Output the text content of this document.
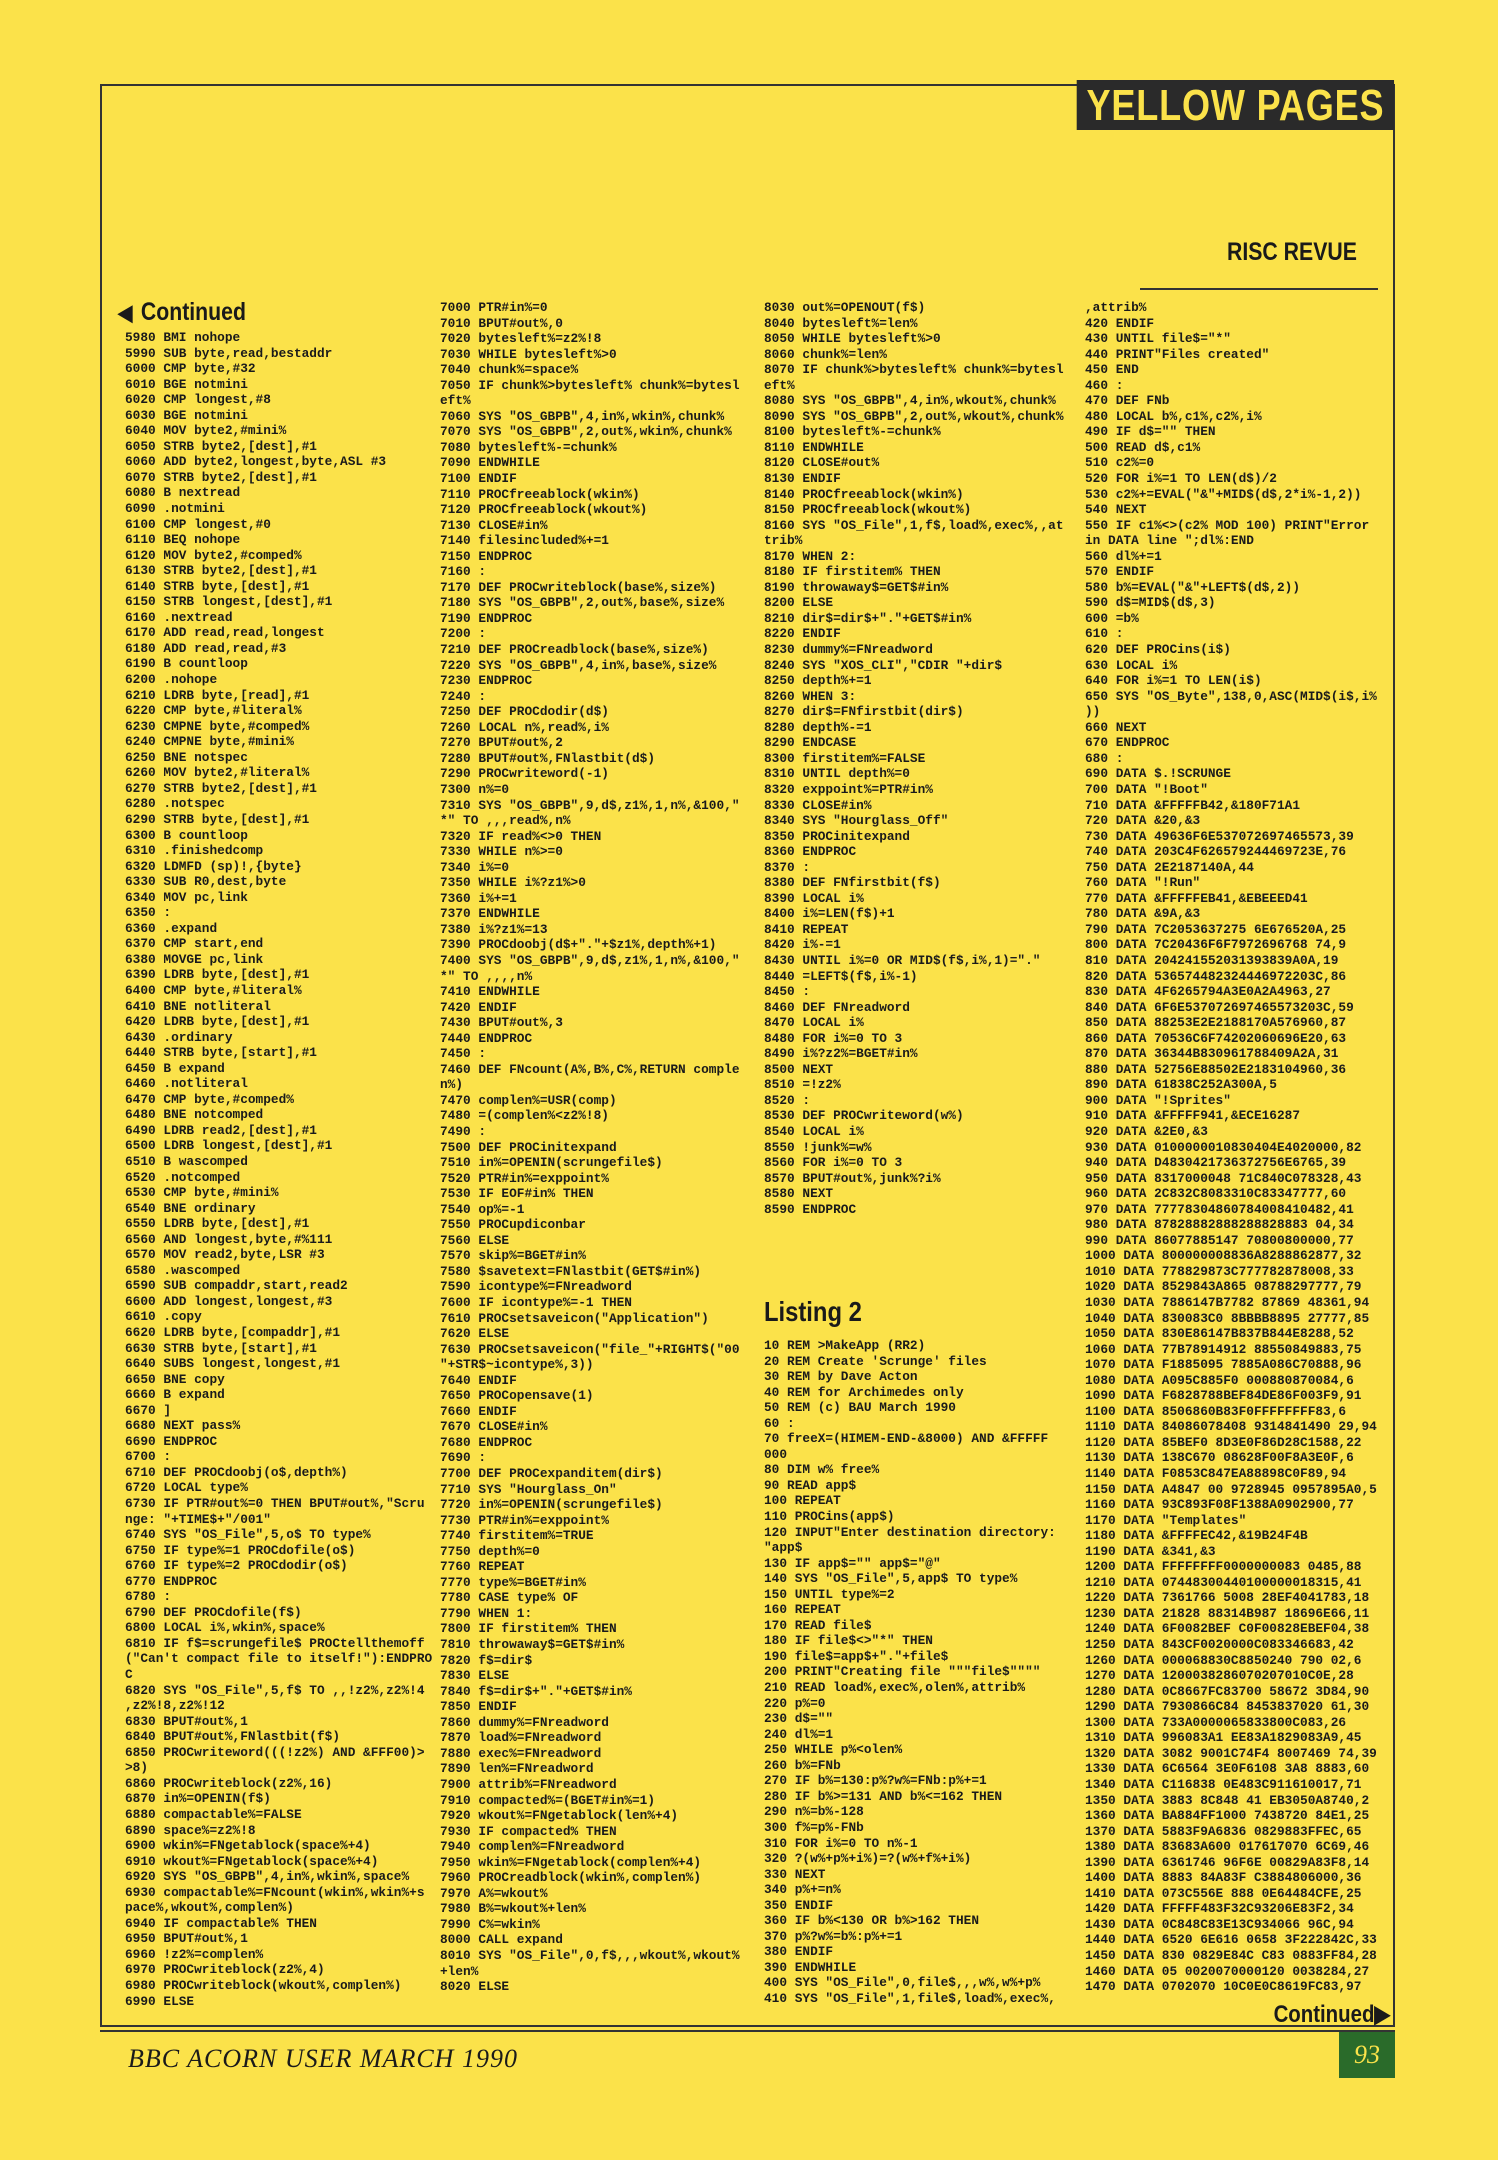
YELLOW PAGES
RISC REVUE
◀ Continued
5980 BMI nohope
5990 SUB byte,read,bestaddr
6000 CMP byte,#32
6010 BGE notmini
6020 CMP longest,#8
6030 BGE notmini
6040 MOV byte2,#mini%
6050 STRB byte2,[dest],#1
6060 ADD byte2,longest,byte,ASL #3
6070 STRB byte2,[dest],#1
6080 B nextread
6090 .notmini
6100 CMP longest,#0
6110 BEQ nohope
6120 MOV byte2,#comped%
6130 STRB byte2,[dest],#1
6140 STRB byte,[dest],#1
6150 STRB longest,[dest],#1
6160 .nextread
6170 ADD read,read,longest
6180 ADD read,read,#3
6190 B countloop
6200 .nohope
6210 LDRB byte,[read],#1
6220 CMP byte,#literal%
6230 CMPNE byte,#comped%
6240 CMPNE byte,#mini%
6250 BNE notspec
6260 MOV byte2,#literal%
6270 STRB byte2,[dest],#1
6280 .notspec
6290 STRB byte,[dest],#1
6300 B countloop
6310 .finishedcomp
6320 LDMFD (sp)!,{byte}
6330 SUB R0,dest,byte
6340 MOV pc,link
6350 :
6360 .expand
6370 CMP start,end
6380 MOVGE pc,link
6390 LDRB byte,[dest],#1
6400 CMP byte,#literal%
6410 BNE notliteral
6420 LDRB byte,[dest],#1
6430 .ordinary
6440 STRB byte,[start],#1
6450 B expand
6460 .notliteral
6470 CMP byte,#comped%
6480 BNE notcomped
6490 LDRB read2,[dest],#1
6500 LDRB longest,[dest],#1
6510 B wascomped
6520 .notcomped
6530 CMP byte,#mini%
6540 BNE ordinary
6550 LDRB byte,[dest],#1
6560 AND longest,byte,#%111
6570 MOV read2,byte,LSR #3
6580 .wascomped
6590 SUB compaddr,start,read2
6600 ADD longest,longest,#3
6610 .copy
6620 LDRB byte,[compaddr],#1
6630 STRB byte,[start],#1
6640 SUBS longest,longest,#1
6650 BNE copy
6660 B expand
6670 ]
6680 NEXT pass%
6690 ENDPROC
6700 :
6710 DEF PROCdoobj(o$,depth%)
6720 LOCAL type%
6730 IF PTR#out%=0 THEN BPUT#out%,"Scru
nge: "+TIME$+"/001"
6740 SYS "OS_File",5,o$ TO type%
6750 IF type%=1 PROCdofile(o$)
6760 IF type%=2 PROCdodir(o$)
6770 ENDPROC
6780 :
6790 DEF PROCdofile(f$)
6800 LOCAL i%,wkin%,space%
6810 IF f$=scrungefile$ PROCtellthemoff
("Can't compact file to itself!"):ENDPRO
C
6820 SYS "OS_File",5,f$ TO ,,!z2%,z2%!4
,z2%!8,z2%!12
6830 BPUT#out%,1
6840 BPUT#out%,FNlastbit(f$)
6850 PROCwriteword(((!z2%) AND &FFF00)>
>8)
6860 PROCwriteblock(z2%,16)
6870 in%=OPENIN(f$)
6880 compactable%=FALSE
6890 space%=z2%!8
6900 wkin%=FNgetablock(space%+4)
6910 wkout%=FNgetablock(space%+4)
6920 SYS "OS_GBPB",4,in%,wkin%,space%
6930 compactable%=FNcount(wkin%,wkin%+s
pace%,wkout%,complen%)
6940 IF compactable% THEN
6950 BPUT#out%,1
6960 !z2%=complen%
6970 PROCwriteblock(z2%,4)
6980 PROCwriteblock(wkout%,complen%)
6990 ELSE
7000 PTR#in%=0
7010 BPUT#out%,0
7020 bytesleft%=z2%!8
7030 WHILE bytesleft%>0
7040 chunk%=space%
7050 IF chunk%>bytesleft% chunk%=bytesl
eft%
7060 SYS "OS_GBPB",4,in%,wkin%,chunk%
7070 SYS "OS_GBPB",2,out%,wkin%,chunk%
7080 bytesleft%-=chunk%
7090 ENDWHILE
7100 ENDIF
7110 PROCfreeablock(wkin%)
7120 PROCfreeablock(wkout%)
7130 CLOSE#in%
7140 filesincluded%+=1
7150 ENDPROC
7160 :
7170 DEF PROCwriteblock(base%,size%)
7180 SYS "OS_GBPB",2,out%,base%,size%
7190 ENDPROC
7200 :
7210 DEF PROCreadblock(base%,size%)
7220 SYS "OS_GBPB",4,in%,base%,size%
7230 ENDPROC
7240 :
7250 DEF PROCdodir(d$)
7260 LOCAL n%,read%,i%
7270 BPUT#out%,2
7280 BPUT#out%,FNlastbit(d$)
7290 PROCwriteword(-1)
7300 n%=0
7310 SYS "OS_GBPB",9,d$,z1%,1,n%,&100,"
*" TO ,,,read%,n%
7320 IF read%<>0 THEN
7330 WHILE n%>=0
7340 i%=0
7350 WHILE i%?z1%>0
7360 i%+=1
7370 ENDWHILE
7380 i%?z1%=13
7390 PROCdoobj(d$+"."+$z1%,depth%+1)
7400 SYS "OS_GBPB",9,d$,z1%,1,n%,&100,"
*" TO ,,,,n%
7410 ENDWHILE
7420 ENDIF
7430 BPUT#out%,3
7440 ENDPROC
7450 :
7460 DEF FNcount(A%,B%,C%,RETURN comple
n%)
7470 complen%=USR(comp)
7480 =(complen%<z2%!8)
7490 :
7500 DEF PROCinitexpand
7510 in%=OPENIN(scrungefile$)
7520 PTR#in%=exppoint%
7530 IF EOF#in% THEN
7540 op%=-1
7550 PROCupdiconbar
7560 ELSE
7570 skip%=BGET#in%
7580 $savetext=FNlastbit(GET$#in%)
7590 icontype%=FNreadword
7600 IF icontype%=-1 THEN
7610 PROCsetsaveicon("Application")
7620 ELSE
7630 PROCsetsaveicon("file_"+RIGHT$("00
"+STR$~icontype%,3))
7640 ENDIF
7650 PROCopensave(1)
7660 ENDIF
7670 CLOSE#in%
7680 ENDPROC
7690 :
7700 DEF PROCexpanditem(dir$)
7710 SYS "Hourglass_On"
7720 in%=OPENIN(scrungefile$)
7730 PTR#in%=exppoint%
7740 firstitem%=TRUE
7750 depth%=0
7760 REPEAT
7770 type%=BGET#in%
7780 CASE type% OF
7790 WHEN 1:
7800 IF firstitem% THEN
7810 throwaway$=GET$#in%
7820 f$=dir$
7830 ELSE
7840 f$=dir$+"."+GET$#in%
7850 ENDIF
7860 dummy%=FNreadword
7870 load%=FNreadword
7880 exec%=FNreadword
7890 len%=FNreadword
7900 attrib%=FNreadword
7910 compacted%=(BGET#in%=1)
7920 wkout%=FNgetablock(len%+4)
7930 IF compacted% THEN
7940 complen%=FNreadword
7950 wkin%=FNgetablock(complen%+4)
7960 PROCreadblock(wkin%,complen%)
7970 A%=wkout%
7980 B%=wkout%+len%
7990 C%=wkin%
8000 CALL expand
8010 SYS "OS_File",0,f$,,,wkout%,wkout%
+len%
8020 ELSE
8030 out%=OPENOUT(f$)
8040 bytesleft%=len%
8050 WHILE bytesleft%>0
8060 chunk%=len%
8070 IF chunk%>bytesleft% chunk%=bytesl
eft%
8080 SYS "OS_GBPB",4,in%,wkout%,chunk%
8090 SYS "OS_GBPB",2,out%,wkout%,chunk%
8100 bytesleft%-=chunk%
8110 ENDWHILE
8120 CLOSE#out%
8130 ENDIF
8140 PROCfreeablock(wkin%)
8150 PROCfreeablock(wkout%)
8160 SYS "OS_File",1,f$,load%,exec%,,at
trib%
8170 WHEN 2:
8180 IF firstitem% THEN
8190 throwaway$=GET$#in%
8200 ELSE
8210 dir$=dir$+"."+GET$#in%
8220 ENDIF
8230 dummy%=FNreadword
8240 SYS "XOS_CLI","CDIR "+dir$
8250 depth%+=1
8260 WHEN 3:
8270 dir$=FNfirstbit(dir$)
8280 depth%-=1
8290 ENDCASE
8300 firstitem%=FALSE
8310 UNTIL depth%=0
8320 exppoint%=PTR#in%
8330 CLOSE#in%
8340 SYS "Hourglass_Off"
8350 PROCinitexpand
8360 ENDPROC
8370 :
8380 DEF FNfirstbit(f$)
8390 LOCAL i%
8400 i%=LEN(f$)+1
8410 REPEAT
8420 i%-=1
8430 UNTIL i%=0 OR MID$(f$,i%,1)="."
8440 =LEFT$(f$,i%-1)
8450 :
8460 DEF FNreadword
8470 LOCAL i%
8480 FOR i%=0 TO 3
8490 i%?z2%=BGET#in%
8500 NEXT
8510 =!z2%
8520 :
8530 DEF PROCwriteword(w%)
8540 LOCAL i%
8550 !junk%=w%
8560 FOR i%=0 TO 3
8570 BPUT#out%,junk%?i%
8580 NEXT
8590 ENDPROC
Listing 2
10 REM >MakeApp (RR2)
20 REM Create 'Scrunge' files
30 REM by Dave Acton
40 REM for Archimedes only
50 REM (c) BAU March 1990
60 :
70 freeX=(HIMEM-END-&8000) AND &FFFFF
000
80 DIM w% free%
90 READ app$
100 REPEAT
110 PROCins(app$)
120 INPUT"Enter destination directory:
"app$
130 IF app$="" app$="@"
140 SYS "OS_File",5,app$ TO type%
150 UNTIL type%=2
160 REPEAT
170 READ file$
180 IF file$<>"*" THEN
190 file$=app$+"."+file$
200 PRINT"Creating file """file$""""
210 READ load%,exec%,olen%,attrib%
220 p%=0
230 d$=""
240 dl%=1
250 WHILE p%<olen%
260 b%=FNb
270 IF b%=130:p%?w%=FNb:p%+=1
280 IF b%>=131 AND b%<=162 THEN
290 n%=b%-128
300 f%=p%-FNb
310 FOR i%=0 TO n%-1
320 ?(w%+p%+i%)=?(w%+f%+i%)
330 NEXT
340 p%+=n%
350 ENDIF
360 IF b%<130 OR b%>162 THEN
370 p%?w%=b%:p%+=1
380 ENDIF
390 ENDWHILE
400 SYS "OS_File",0,file$,,,w%,w%+p%
410 SYS "OS_File",1,file$,load%,exec%,
,attrib%
420 ENDIF
430 UNTIL file$="*"
440 PRINT"Files created"
450 END
460 :
470 DEF FNb
480 LOCAL b%,c1%,c2%,i%
490 IF d$="" THEN
500 READ d$,c1%
510 c2%=0
520 FOR i%=1 TO LEN(d$)/2
530 c2%+=EVAL("&"+MID$(d$,2*i%-1,2))
540 NEXT
550 IF c1%<>(c2% MOD 100) PRINT"Error
in DATA line ";dl%:END
560 dl%+=1
570 ENDIF
580 b%=EVAL("&"+LEFT$(d$,2))
590 d$=MID$(d$,3)
600 =b%
610 :
620 DEF PROCins(i$)
630 LOCAL i%
640 FOR i%=1 TO LEN(i$)
650 SYS "OS_Byte",138,0,ASC(MID$(i$,i%
))
660 NEXT
670 ENDPROC
680 :
690 DATA $.!SCRUNGE
700 DATA "!Boot"
710 DATA &FFFFFB42,&180F71A1
720 DATA &20,&3
730 DATA 49636F6E537072697465573,39
740 DATA 203C4F626579244469723E,76
750 DATA 2E2187140A,44
760 DATA "!Run"
770 DATA &FFFFFEB41,&EBEEED41
780 DATA &9A,&3
790 DATA 7C2053637275 6E676520A,25
800 DATA 7C20436F6F7972696768 74,9
810 DATA 204241552031393839A0A,19
820 DATA 536574482324446972203C,86
830 DATA 4F6265794A3E0A2A4963,27
840 DATA 6F6E537072697465573203C,59
850 DATA 88253E2E2188170A576960,87
860 DATA 70536C6F74202060696E20,63
870 DATA 36344B830961788409A2A,31
880 DATA 52756E88502E2183104960,36
890 DATA 61838C252A300A,5
900 DATA "!Sprites"
910 DATA &FFFFF941,&ECE16287
920 DATA &2E0,&3
930 DATA 0100000010830404E4020000,82
940 DATA D4830421736372756E6765,39
950 DATA 8317000048 71C840C078328,43
960 DATA 2C832C8083310C83347777,60
970 DATA 77778304860784008410482,41
980 DATA 87828882888288828883 04,34
990 DATA 86077885147 70800800000,77
1000 DATA 800000008836A8288862877,32
1010 DATA 778829873C777782878008,33
1020 DATA 8529843A865 08788297777,79
1030 DATA 7886147B7782 87869 48361,94
1040 DATA 830083C0 8BBBB8895 27777,85
1050 DATA 830E86147B837B844E8288,52
1060 DATA 77B78914912 88550849883,75
1070 DATA F1885095 7885A086C70888,96
1080 DATA A095C885F0 000880870084,6
1090 DATA F6828788BEF84DE86F003F9,91
1100 DATA 8506860B83F0FFFFFFFF83,6
1110 DATA 84086078408 9314841490 29,94
1120 DATA 85BEF0 8D3E0F86D28C1588,22
1130 DATA 138C670 08628F00F8A3E0F,6
1140 DATA F0853C847EA88898C0F89,94
1150 DATA A4847 00 9728945 0957895A0,5
1160 DATA 93C893F08F1388A0902900,77
1170 DATA "Templates"
1180 DATA &FFFFEC42,&19B24F4B
1190 DATA &341,&3
1200 DATA FFFFFFFF0000000083 0485,88
1210 DATA 07448300440100000018315,41
1220 DATA 7361766 5008 28EF4041783,18
1230 DATA 21828 88314B987 18696E66,11
1240 DATA 6F0082BEF C0F00828EBEF04,38
1250 DATA 843CF0020000C083346683,42
1260 DATA 000068830C8850240 790 02,6
1270 DATA 1200038286070207010C0E,28
1280 DATA 0C8667FC83700 58672 3D84,90
1290 DATA 7930866C84 8453837020 61,30
1300 DATA 733A0000065833800C083,26
1310 DATA 996083A1 EE83A1829083A9,45
1320 DATA 3082 9001C74F4 8007469 74,39
1330 DATA 6C6564 3E0F6108 3A8 8883,60
1340 DATA C116838 0E483C911610017,71
1350 DATA 3883 8C848 41 EB3050A8740,2
1360 DATA BA884FF1000 7438720 84E1,25
1370 DATA 5883F9A6836 0829883FFEC,65
1380 DATA 83683A600 017617070 6C69,46
1390 DATA 6361746 96F6E 00829A83F8,14
1400 DATA 8883 84A83F C3884806000,36
1410 DATA 073C556E 888 0E64484CFE,25
1420 DATA FFFFF483F32C93206E83F2,34
1430 DATA 0C848C83E13C934066 96C,94
1440 DATA 6520 6E616 0658 3F222842C,33
1450 DATA 830 0829E84C C83 0883FF84,28
1460 DATA 05 0020070000120 0038284,27
1470 DATA 0702070 10C0E0C8619FC83,97
Continued▶
BBC ACORN USER MARCH 1990	93
